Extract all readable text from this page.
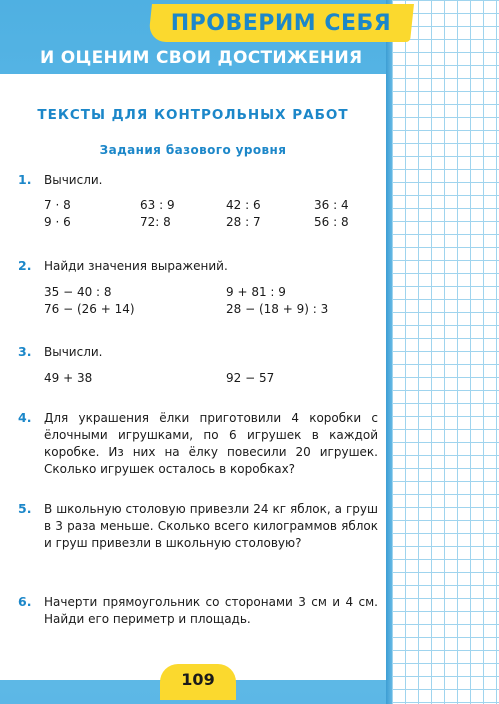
ПРОВЕРИМ СЕБЯ
И ОЦЕНИМ СВОИ ДОСТИЖЕНИЯ
ТЕКСТЫ ДЛЯ КОНТРОЛЬНЫХ РАБОТ
Задания базового уровня
1. Вычисли.
7 · 8	63 : 9	42 : 6	36 : 4
9 · 6	72: 8	28 : 7	56 : 8
2. Найди значения выражений.
35 − 40 : 8	9 + 81 : 9
76 − (26 + 14)	28 − (18 + 9) : 3
3. Вычисли.
49 + 38	92 − 57
4. Для украшения ёлки приготовили 4 коробки с ёлочными игрушками, по 6 игрушек в каждой коробке. Из них на ёлку повесили 20 игрушек. Сколько игрушек осталось в коробках?
5. В школьную столовую привезли 24 кг яблок, а груш в 3 раза меньше. Сколько всего килограммов яблок и груш привезли в школьную столовую?
6. Начерти прямоугольник со сторонами 3 см и 4 см. Найди его периметр и площадь.
109
